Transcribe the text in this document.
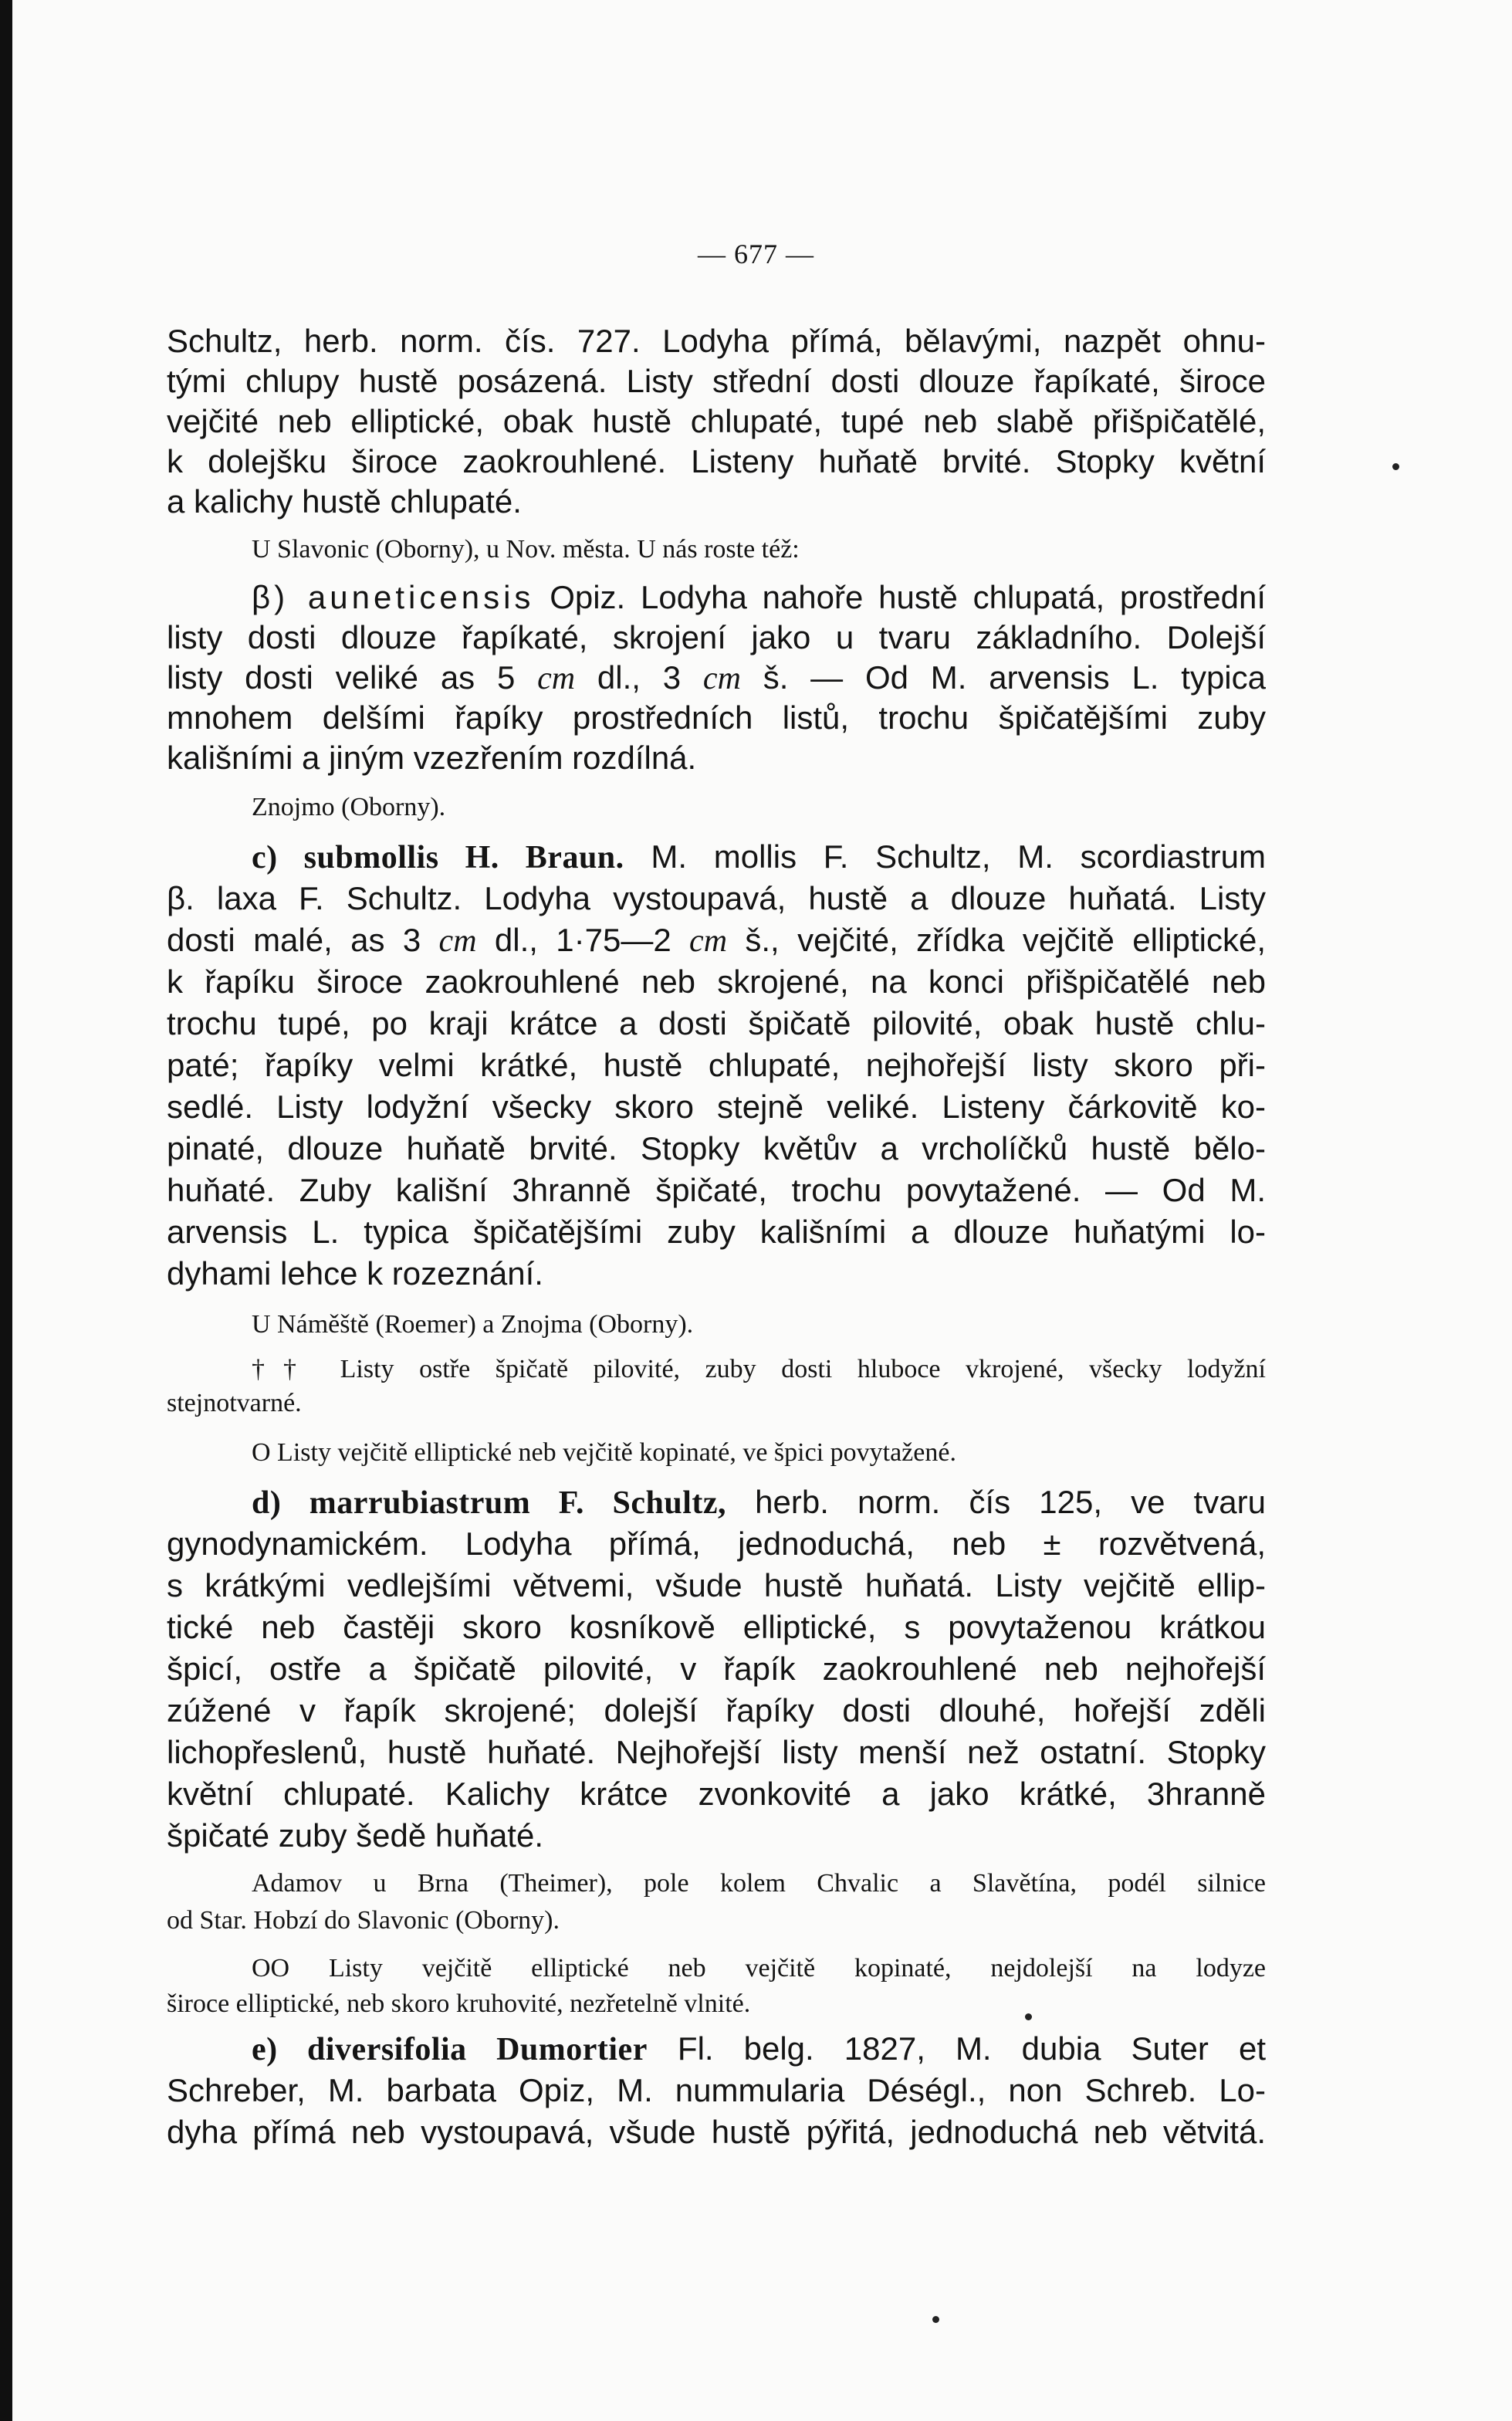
— 677 —
Schultz, herb. norm. čís. 727. Lodyha přímá, bělavými, nazpět ohnu-
tými chlupy hustě posázená. Listy střední dosti dlouze řapíkaté, široce
vejčité neb elliptické, obak hustě chlupaté, tupé neb slabě přišpičatělé,
k dolejšku široce zaokrouhlené. Listeny huňatě brvité. Stopky květní
a kalichy hustě chlupaté.
U Slavonic (Oborny), u Nov. města. U nás roste též:
β) auneticensis Opiz. Lodyha nahoře hustě chlupatá, prostřední
listy dosti dlouze řapíkaté, skrojení jako u tvaru základního. Dolejší
listy dosti veliké as 5 cm dl., 3 cm š. — Od M. arvensis L. typica
mnohem delšími řapíky prostředních listů, trochu špičatějšími zuby
kališními a jiným vzezřením rozdílná.
Znojmo (Oborny).
c) submollis H. Braun. M. mollis F. Schultz, M. scordiastrum
β. laxa F. Schultz. Lodyha vystoupavá, hustě a dlouze huňatá. Listy
dosti malé, as 3 cm dl., 1·75—2 cm š., vejčité, zřídka vejčitě elliptické,
k řapíku široce zaokrouhlené neb skrojené, na konci přišpičatělé neb
trochu tupé, po kraji krátce a dosti špičatě pilovité, obak hustě chlu-
paté; řapíky velmi krátké, hustě chlupaté, nejhořejší listy skoro při-
sedlé. Listy lodyžní všecky skoro stejně veliké. Listeny čárkovitě ko-
pinaté, dlouze huňatě brvité. Stopky květův a vrcholíčků hustě bělo-
huňaté. Zuby kališní 3hranně špičaté, trochu povytažené. — Od M.
arvensis L. typica špičatějšími zuby kališními a dlouze huňatými lo-
dyhami lehce k rozeznání.
U Náměště (Roemer) a Znojma (Oborny).
†† Listy ostře špičatě pilovité, zuby dosti hluboce vkrojené, všecky lodyžní
stejnotvarné.
O Listy vejčitě elliptické neb vejčitě kopinaté, ve špici povytažené.
d) marrubiastrum F. Schultz, herb. norm. čís 125, ve tvaru
gynodynamickém. Lodyha přímá, jednoduchá, neb ± rozvětvená,
s krátkými vedlejšími větvemi, všude hustě huňatá. Listy vejčitě ellip-
tické neb častěji skoro kosníkově elliptické, s povytaženou krátkou
špicí, ostře a špičatě pilovité, v řapík zaokrouhlené neb nejhořejší
zúžené v řapík skrojené; dolejší řapíky dosti dlouhé, hořejší zděli
lichopřeslenů, hustě huňaté. Nejhořejší listy menší než ostatní. Stopky
květní chlupaté. Kalichy krátce zvonkovité a jako krátké, 3hranně
špičaté zuby šedě huňaté.
Adamov u Brna (Theimer), pole kolem Chvalic a Slavětína, podél silnice
od Star. Hobzí do Slavonic (Oborny).
OO Listy vejčitě elliptické neb vejčitě kopinaté, nejdolejší na lodyze
široce elliptické, neb skoro kruhovité, nezřetelně vlnité.
e) diversifolia Dumortier Fl. belg. 1827, M. dubia Suter et
Schreber, M. barbata Opiz, M. nummularia Déségl., non Schreb. Lo-
dyha přímá neb vystoupavá, všude hustě pýřitá, jednoduchá neb větvitá.
